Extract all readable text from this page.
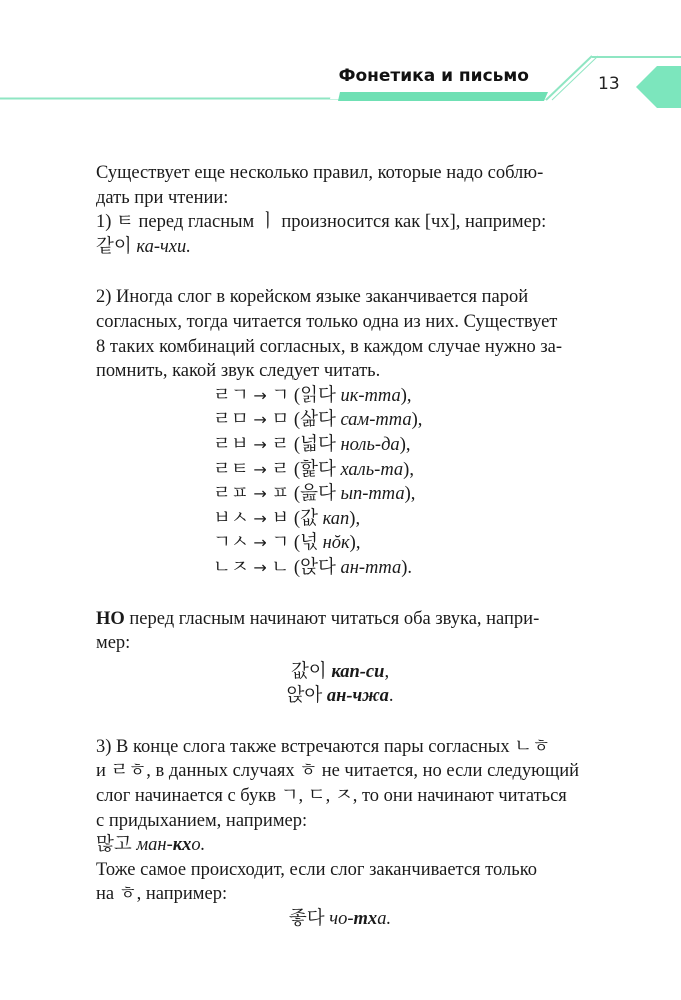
Фонетика и письмо	13

Существует еще несколько правил, которые надо соблю-

дать при чтении:

1) ㅌ перед гласным ㅣ произносится как [чх], например:

같이 ка-чхи.

2) Иногда слог в корейском языке заканчивается парой

согласных, тогда читается только одна из них. Существует

8 таких комбинаций согласных, в каждом случае нужно за-

помнить, какой звук следует читать.

ㄹㄱ → ㄱ (읽다 ик-тта),

ㄹㅁ → ㅁ (삶다 сам-тта),

ㄹㅂ → ㄹ (넓다 ноль-да),

ㄹㅌ → ㄹ (핥다 халь-та),

ㄹㅍ → ㅍ (읊다 ып-тта),

ㅂㅅ → ㅂ (값 кап),

ㄱㅅ → ㄱ (넋 нŏк),

ㄴㅈ → ㄴ (앉다 ан-тта).

НО перед гласным начинают читаться оба звука, напри-

мер:

값이 кап-си,

앉아 ан-чжа.

3) В конце слога также встречаются пары согласных ㄴㅎ

и ㄹㅎ, в данных случаях ㅎ не читается, но если следующий

слог начинается с букв ㄱ, ㄷ, ㅈ, то они начинают читаться

с придыханием, например:

많고 ман-кхо.

Тоже самое происходит, если слог заканчивается только

на ㅎ, например:

좋다 чо-тха.
